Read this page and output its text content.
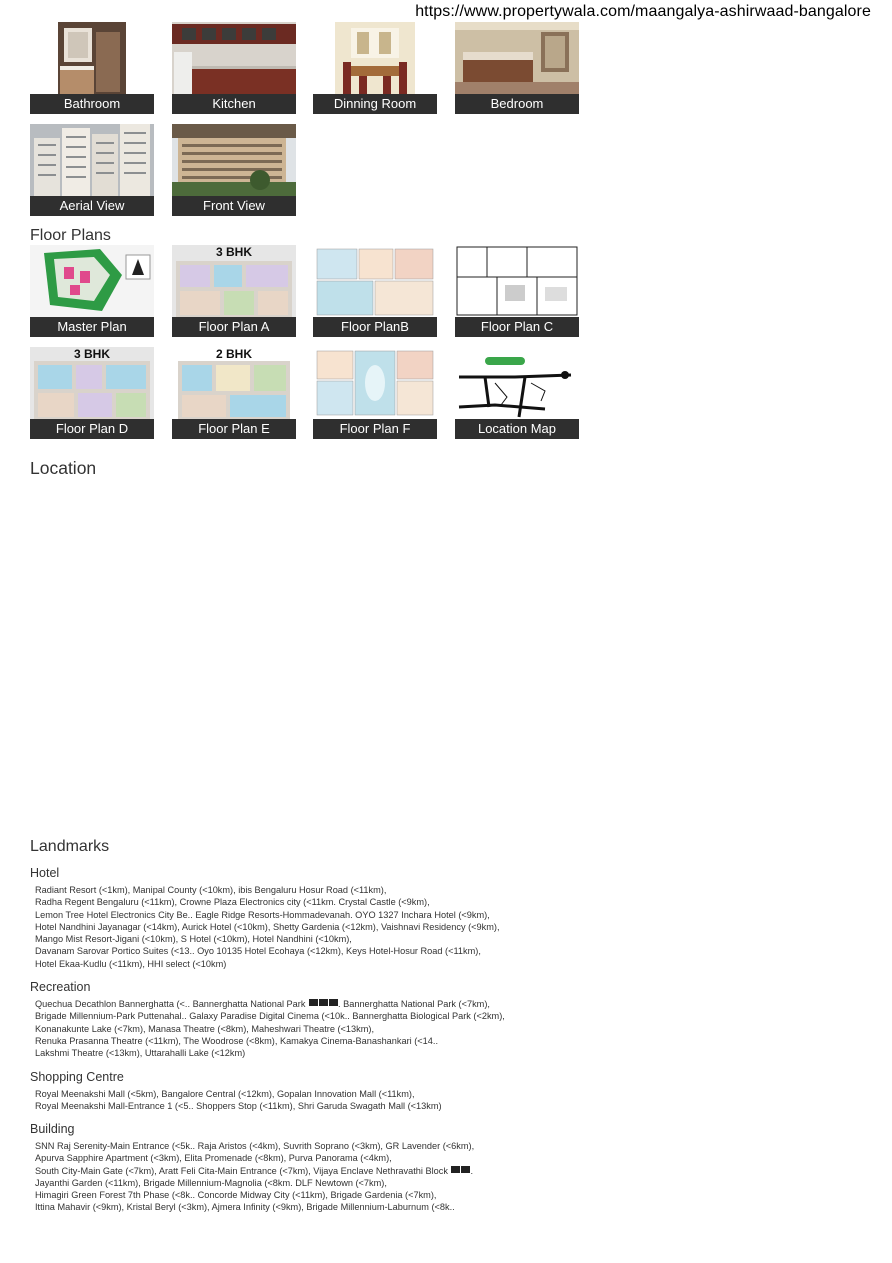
https://www.propertywala.com/maangalya-ashirwaad-bangalore
Bathroom	Kitchen	Dinning Room	Bedroom
Aerial View	Front View
Floor Plans
Master Plan
3 BHK
Floor Plan A	Floor PlanB	Floor Plan C
3 BHK
Floor Plan D
2 BHK
Floor Plan E	Floor Plan F	Location Map
Location
Landmarks
Hotel
Radiant Resort (<1km), Manipal County (<10km), ibis Bengaluru Hosur Road (<11km),
Radha Regent Bengaluru (<11km), Crowne Plaza Electronics city (<11km. Crystal Castle (<9km),
Lemon Tree Hotel Electronics City Be.. Eagle Ridge Resorts-Hommadevanah. OYO 1327 Inchara Hotel (<9km),
Hotel Nandhini Jayanagar (<14km), Aurick Hotel (<10km), Shetty Gardenia (<12km), Vaishnavi Residency (<9km),
Mango Mist Resort-Jigani (<10km), S Hotel (<10km), Hotel Nandhini (<10km),
Davanam Sarovar Portico Suites (<13.. Oyo 10135 Hotel Ecohaya (<12km), Keys Hotel-Hosur Road (<11km),
Hotel Ekaa-Kudlu (<11km), HHI select (<10km)
Recreation
Quechua Decathlon Bannerghatta (<.. Bannerghatta National Park	. Bannerghatta National Park (<7km),
Brigade Millennium-Park Puttenahal.. Galaxy Paradise Digital Cinema (<10k.. Bannerghatta Biological Park (<2km),
Konanakunte Lake (<7km), Manasa Theatre (<8km), Maheshwari Theatre (<13km),
Renuka Prasanna Theatre (<11km), The Woodrose (<8km), Kamakya Cinema-Banashankari (<14..
Lakshmi Theatre (<13km), Uttarahalli Lake (<12km)
Shopping Centre
Royal Meenakshi Mall (<5km), Bangalore Central (<12km), Gopalan Innovation Mall (<11km),
Royal Meenakshi Mall-Entrance 1 (<5.. Shoppers Stop (<11km), Shri Garuda Swagath Mall (<13km)
Building
SNN Raj Serenity-Main Entrance (<5k.. Raja Aristos (<4km), Suvrith Soprano (<3km), GR Lavender (<6km),
Apurva Sapphire Apartment (<3km), Elita Promenade (<8km), Purva Panorama (<4km),
South City-Main Gate (<7km), Aratt Feli Cita-Main Entrance (<7km), Vijaya Enclave Nethravathi Block .
Jayanthi Garden (<11km), Brigade Millennium-Magnolia (<8km. DLF Newtown (<7km),
Himagiri Green Forest 7th Phase (<8k.. Concorde Midway City (<11km), Brigade Gardenia (<7km),
Ittina Mahavir (<9km), Kristal Beryl (<3km), Ajmera Infinity (<9km), Brigade Millennium-Laburnum (<8k..
